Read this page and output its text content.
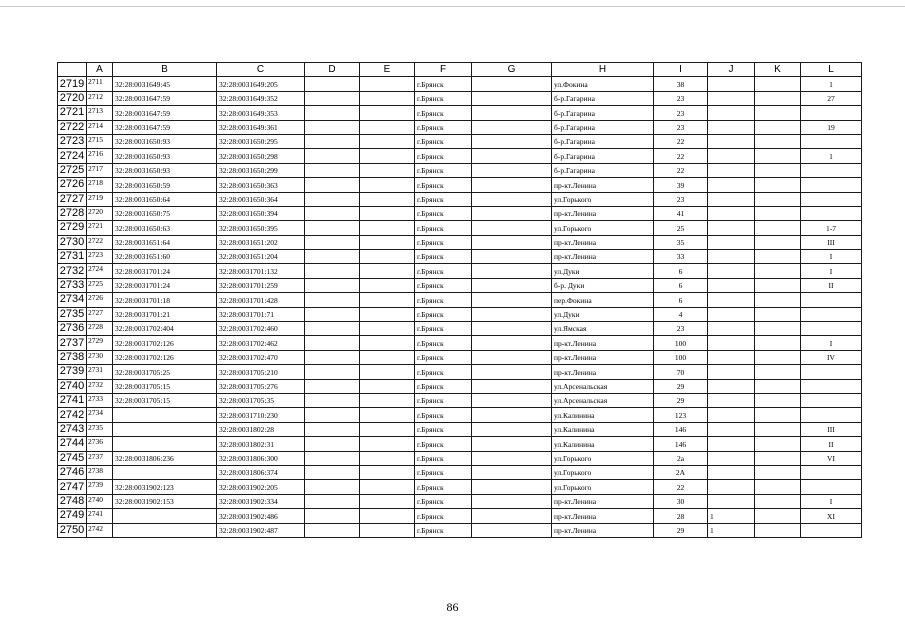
	A	B	C	D	E	F	G	H	I	J	K	L
2719	2711	32:28:0031649:45	32:28:0031649:205			г.Брянск		ул.Фокина	38			1
2720	2712	32:28:0031647:59	32:28:0031649:352			г.Брянск		б-р.Гагарина	23			27
2721	2713	32:28:0031647:59	32:28:0031649:353			г.Брянск		б-р.Гагарина	23			
2722	2714	32:28:0031647:59	32:28:0031649:361			г.Брянск		б-р.Гагарина	23			19
2723	2715	32:28:0031650:93	32:28:0031650:295			г.Брянск		б-р.Гагарина	22			
2724	2716	32:28:0031650:93	32:28:0031650:298			г.Брянск		б-р.Гагарина	22			1
2725	2717	32:28:0031650:93	32:28:0031650:299			г.Брянск		б-р.Гагарина	22			
2726	2718	32:28:0031650:59	32:28:0031650:363			г.Брянск		пр-кт.Ленина	39			
2727	2719	32:28:0031650:64	32:28:0031650:364			г.Брянск		ул.Горького	23			
2728	2720	32:28:0031650:75	32:28:0031650:394			г.Брянск		пр-кт.Ленина	41			
2729	2721	32:28:0031650:63	32:28:0031650:395			г.Брянск		ул.Горького	25			1-7
2730	2722	32:28:0031651:64	32:28:0031651:202			г.Брянск		пр-кт.Ленина	35			III
2731	2723	32:28:0031651:60	32:28:0031651:204			г.Брянск		пр-кт.Ленина	33			I
2732	2724	32:28:0031701:24	32:28:0031701:132			г.Брянск		ул.Дуки	6			I
2733	2725	32:28:0031701:24	32:28:0031701:259			г.Брянск		б-р. Дуки	6			II
2734	2726	32:28:0031701:18	32:28:0031701:428			г.Брянск		пер.Фокина	6			
2735	2727	32:28:0031701:21	32:28:0031701:71			г.Брянск		ул.Дуки	4			
2736	2728	32:28:0031702:404	32:28:0031702:460			г.Брянск		ул.Ямская	23			
2737	2729	32:28:0031702:126	32:28:0031702:462			г.Брянск		пр-кт.Ленина	100			I
2738	2730	32:28:0031702:126	32:28:0031702:470			г.Брянск		пр-кт.Ленина	100			IV
2739	2731	32:28:0031705:25	32:28:0031705:210			г.Брянск		пр-кт.Ленина	70			
2740	2732	32:28:0031705:15	32:28:0031705:276			г.Брянск		ул.Арсенальская	29			
2741	2733	32:28:0031705:15	32:28:0031705:35			г.Брянск		ул.Арсенальская	29			
2742	2734		32:28:0031710:230			г.Брянск		ул.Калинина	123			
2743	2735		32:28:0031802:28			г.Брянск		ул.Калинина	146			III
2744	2736		32:28:0031802:31			г.Брянск		ул.Калинина	146			II
2745	2737	32:28:0031806:236	32:28:0031806:300			г.Брянск		ул.Горького	2а			VI
2746	2738		32:28:0031806:374			г.Брянск		ул.Горького	2А			
2747	2739	32:28:0031902:123	32:28:0031902:205			г.Брянск		ул.Горького	22			
2748	2740	32:28:0031902:153	32:28:0031902:334			г.Брянск		пр-кт.Ленина	30			I
2749	2741		32:28:0031902:486			г.Брянск		пр-кт.Ленина	28	1		XI
2750	2742		32:28:0031902:487			г.Брянск		пр-кт.Ленина	29	1		
86
